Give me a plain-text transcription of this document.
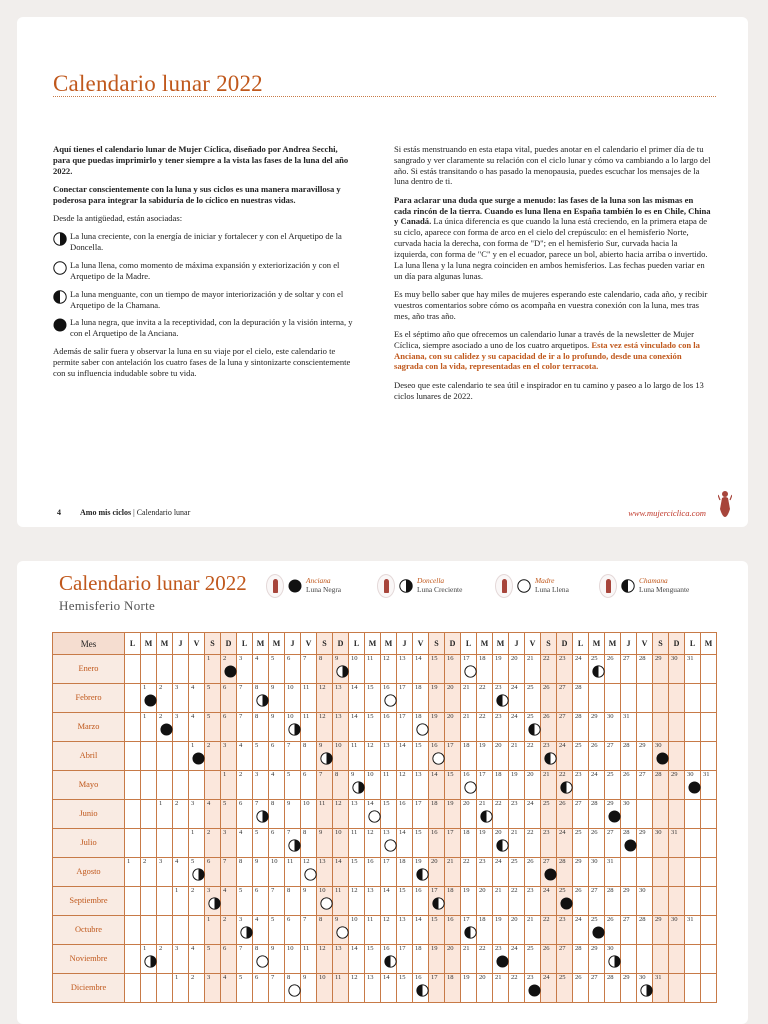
Calendario lunar 2022

Aquí tienes el calendario lunar de Mujer Cíclica, diseñado por Andrea Secchi, para que puedas imprimirlo y tener siempre a la vista las fases de la luna del año 2022.

Conectar conscientemente con la luna y sus ciclos es una manera maravillosa y poderosa para integrar la sabiduría de lo cíclico en nuestras vidas.

Desde la antigüedad, están asociadas:

La luna creciente, con la energía de iniciar y fortalecer y con el Arquetipo de la Doncella.
La luna llena, como momento de máxima expansión y exteriorización y con el Arquetipo de la Madre.
La luna menguante, con un tiempo de mayor interiorización y de soltar y con el Arquetipo de la Chamana.
La luna negra, que invita a la receptividad, con la depuración y la visión interna, y con el Arquetipo de la Anciana.

Además de salir fuera y observar la luna en su viaje por el cielo, este calendario te permite saber con antelación los cuatro fases de la luna y sintonizarte conscientemente con su influencia indudable sobre tu vida.

Si estás menstruando en esta etapa vital, puedes anotar en el calendario el primer día de tu sangrado y ver claramente su relación con el ciclo lunar y cómo va cambiando a lo largo del año. Si estás transitando o has pasado la menopausia, puedes escuchar los mensajes de la luna dentro de ti.

Para aclarar una duda que surge a menudo: las fases de la luna son las mismas en cada rincón de la tierra. Cuando es luna llena en España también lo es en Chile, China y Canadá. La única diferencia es que cuando la luna está creciendo, en la primera etapa de su ciclo, aparece con forma de arco en el cielo del crepúsculo: en el hemisferio Norte, curvada hacia la derecha, con forma de "D"; en el hemisferio Sur, curvada hacia la izquierda, con forma de "C" y en el ecuador, parece un bol, abierto hacia arriba o invertido. La luna llena y la luna negra coinciden en ambos hemisferios. Las fechas pueden variar en un día para algunas lunas.

Es muy bello saber que hay miles de mujeres esperando este calendario, cada año, y recibir vuestros comentarios sobre cómo os acompaña en vuestra conexión con la luna, mes tras mes, año tras año.

Es el séptimo año que ofrecemos un calendario lunar a través de la newsletter de Mujer Cíclica, siempre asociado a uno de los cuatro arquetipos. Esta vez está vinculado con la Anciana, con su calidez y su capacidad de ir a lo profundo, desde una conexión sagrada con la vida, representadas en el color terracota.

Deseo que este calendario te sea útil e inspirador en tu camino y paseo a lo largo de los 13 ciclos lunares de 2022.

4 Amo mis ciclos | Calendario lunar	www.mujerciclica.com
Calendario lunar 2022
Hemisferio Norte
Anciana
Luna Negra
Doncella
Luna Creciente
Madre
Luna Llena
Chamana
Luna Menguante
Mes	L	M	M	J	V	S	D	L	M	M	J	V	S	D	L	M	M	J	V	S	D	L	M	M	J	V	S	D	L	M	M	J	V	S	D	L	M
Enero						1	2	3	4	5	6	7	8	9	10	11	12	13	14	15	16	17	18	19	20	21	22	23	24	25	26	27	28	29	30	31	

Febrero		1	2	3	4	5	6	7	8	9	10	11	12	13	14	15	16	17	18	19	20	21	22	23	24	25	26	27	28								

Marzo		1	2	3	4	5	6	7	8	9	10	11	12	13	14	15	16	17	18	19	20	21	22	23	24	25	26	27	28	29	30	31					

Abril					1	2	3	4	5	6	7	8	9	10	11	12	13	14	15	16	17	18	19	20	21	22	23	24	25	26	27	28	29	30			

Mayo							1	2	3	4	5	6	7	8	9	10	11	12	13	14	15	16	17	18	19	20	21	22	23	24	25	26	27	28	29	30	31

Junio			1	2	3	4	5	6	7	8	9	10	11	12	13	14	15	16	17	18	19	20	21	22	23	24	25	26	27	28	29	30					

Julio					1	2	3	4	5	6	7	8	9	10	11	12	13	14	15	16	17	18	19	20	21	22	23	24	25	26	27	28	29	30	31		

Agosto	1	2	3	4	5	6	7	8	9	10	11	12	13	14	15	16	17	18	19	20	21	22	23	24	25	26	27	28	29	30	31						

Septiembre				1	2	3	4	5	6	7	8	9	10	11	12	13	14	15	16	17	18	19	20	21	22	23	24	25	26	27	28	29	30				

Octubre						1	2	3	4	5	6	7	8	9	10	11	12	13	14	15	16	17	18	19	20	21	22	23	24	25	26	27	28	29	30	31	

Noviembre		1	2	3	4	5	6	7	8	9	10	11	12	13	14	15	16	17	18	19	20	21	22	23	24	25	26	27	28	29	30						

Diciembre				1	2	3	4	5	6	7	8	9	10	11	12	13	14	15	16	17	18	19	20	21	22	23	24	25	26	27	28	29	30	31			
